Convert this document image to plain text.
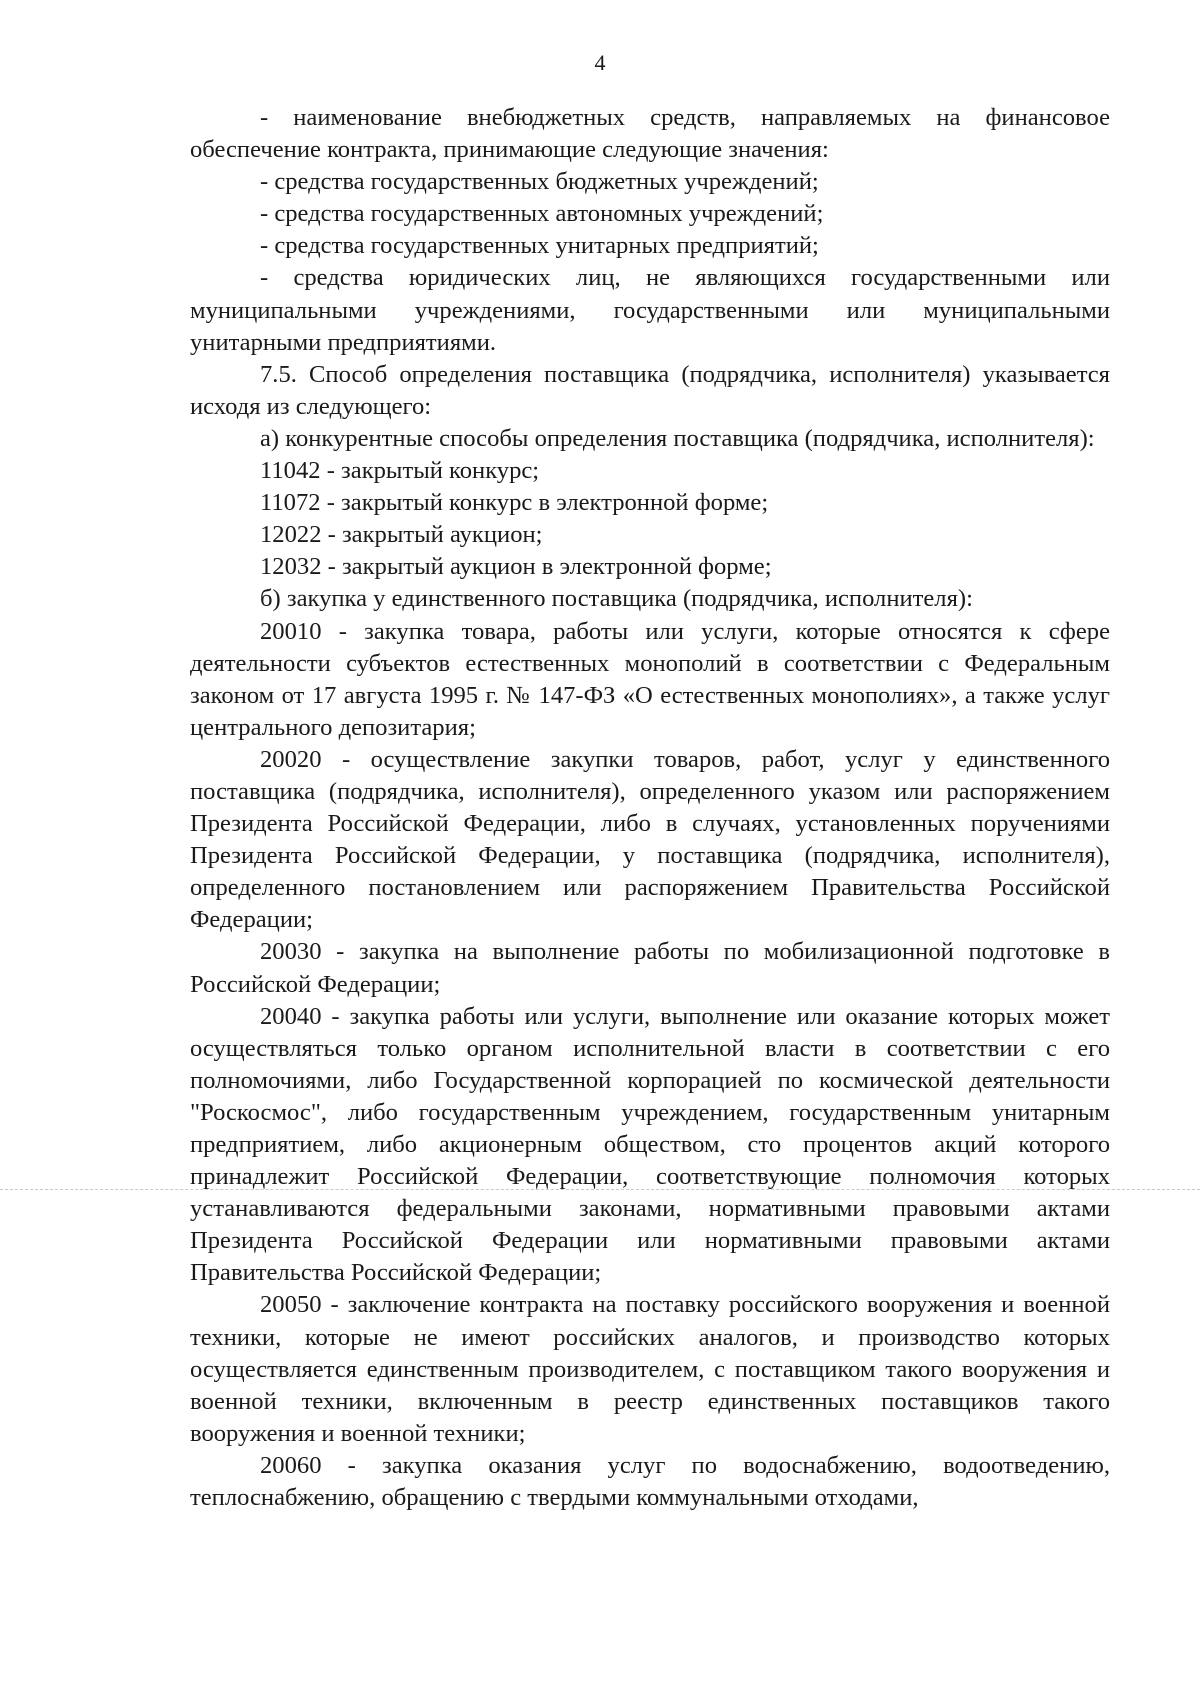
4

- наименование внебюджетных средств, направляемых на финансовое обеспечение контракта, принимающие следующие значения:

- средства государственных бюджетных учреждений;

- средства государственных автономных учреждений;

- средства государственных унитарных предприятий;

- средства юридических лиц, не являющихся государственными или муниципальными учреждениями, государственными или муниципальными унитарными предприятиями.

7.5. Способ определения поставщика (подрядчика, исполнителя) указывается исходя из следующего:

а) конкурентные способы определения поставщика (подрядчика, исполнителя):

11042 - закрытый конкурс;

11072 - закрытый конкурс в электронной форме;

12022 - закрытый аукцион;

12032 - закрытый аукцион в электронной форме;

б) закупка у единственного поставщика (подрядчика, исполнителя):

20010 - закупка товара, работы или услуги, которые относятся к сфере деятельности субъектов естественных монополий в соответствии с Федеральным законом от 17 августа 1995 г. № 147-ФЗ «О естественных монополиях», а также услуг центрального депозитария;

20020 - осуществление закупки товаров, работ, услуг у единственного поставщика (подрядчика, исполнителя), определенного указом или распоряжением Президента Российской Федерации, либо в случаях, установленных поручениями Президента Российской Федерации, у поставщика (подрядчика, исполнителя), определенного постановлением или распоряжением Правительства Российской Федерации;

20030 - закупка на выполнение работы по мобилизационной подготовке в Российской Федерации;

20040 - закупка работы или услуги, выполнение или оказание которых может осуществляться только органом исполнительной власти в соответствии с его полномочиями, либо Государственной корпорацией по космической деятельности "Роскосмос", либо государственным учреждением, государственным унитарным предприятием, либо акционерным обществом, сто процентов акций которого принадлежит Российской Федерации, соответствующие полномочия которых устанавливаются федеральными законами, нормативными правовыми актами Президента Российской Федерации или нормативными правовыми актами Правительства Российской Федерации;

20050 - заключение контракта на поставку российского вооружения и военной техники, которые не имеют российских аналогов, и производство которых осуществляется единственным производителем, с поставщиком такого вооружения и военной техники, включенным в реестр единственных поставщиков такого вооружения и военной техники;

20060 - закупка оказания услуг по водоснабжению, водоотведению, теплоснабжению, обращению с твердыми коммунальными отходами,
